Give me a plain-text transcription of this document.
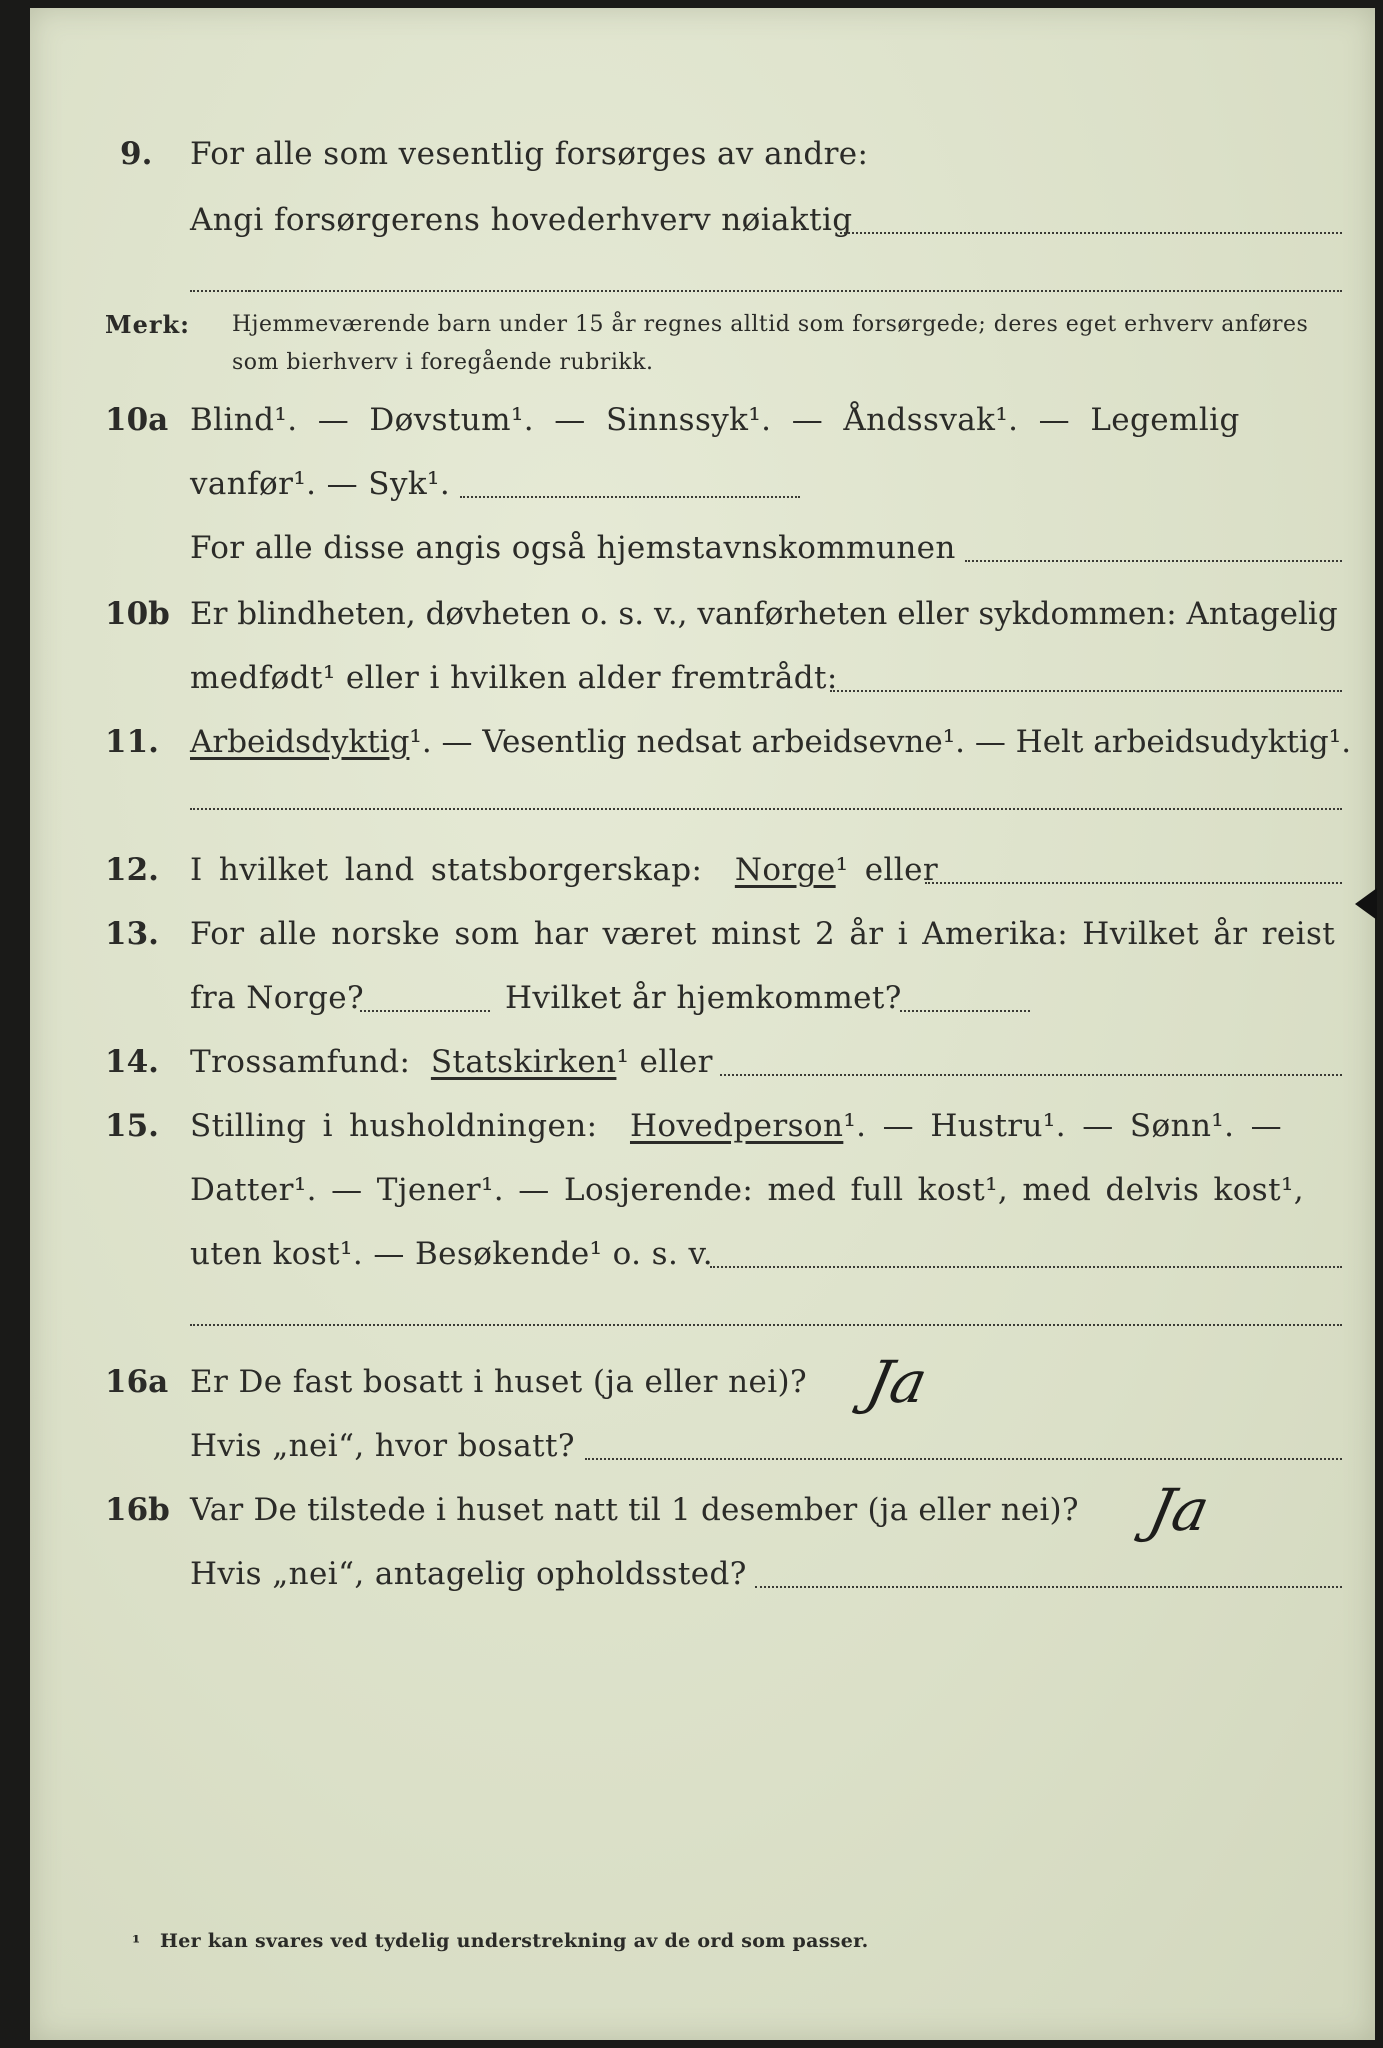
9. For alle som vesentlig forsørges av andre:
Angi forsørgerens hovederhverv nøiaktig
Merk: Hjemmeværende barn under 15 år regnes alltid som forsørgede; deres eget erhverv anføres som bierhverv i foregående rubrikk.
10a Blind¹. — Døvstum¹. — Sinnssyk¹. — Åndssvak¹. — Legemlig
vanfør¹. — Syk¹.
For alle disse angis også hjemstavnskommunen
10b Er blindheten, døvheten o. s. v., vanførheten eller sykdommen: Antagelig
medfødt¹ eller i hvilken alder fremtrådt:
11. Arbeidsdyktig¹. — Vesentlig nedsat arbeidsevne¹. — Helt arbeidsudyktig¹.
12. I hvilket land statsborgerskap: Norge¹ eller
13. For alle norske som har været minst 2 år i Amerika: Hvilket år reist
fra Norge?	Hvilket år hjemkommet?
14. Trossamfund: Statskirken¹ eller
15. Stilling i husholdningen: Hovedperson¹. — Hustru¹. — Sønn¹. —
Datter¹. — Tjener¹. — Losjerende: med full kost¹, med delvis kost¹,
uten kost¹. — Besøkende¹ o. s. v.
16a Er De fast bosatt i huset (ja eller nei)? Ja
Hvis „nei“, hvor bosatt?
16b Var De tilstede i huset natt til 1 desember (ja eller nei)? Ja
Hvis „nei“, antagelig opholdssted?
¹ Her kan svares ved tydelig understrekning av de ord som passer.
